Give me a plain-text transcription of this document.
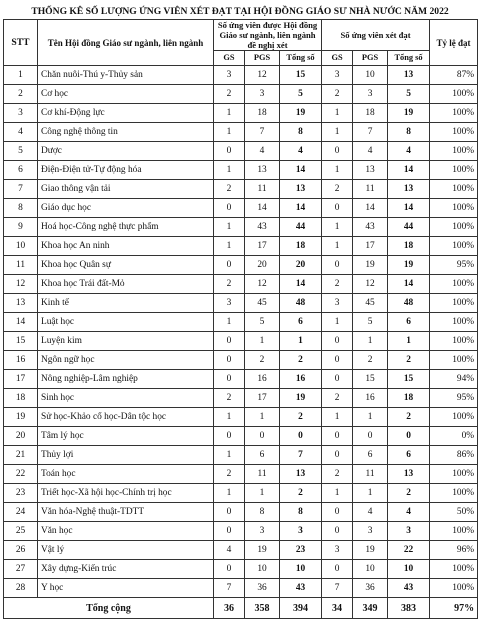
THỐNG KÊ SỐ LƯỢNG ỨNG VIÊN XÉT ĐẠT TẠI HỘI ĐỒNG GIÁO SƯ NHÀ NƯỚC NĂM 2022
STT	Tên Hội đồng Giáo sư ngành, liên ngành	Số ứng viên được Hội đồng Giáo sư ngành, liên ngành đề nghị xét			Số ứng viên xét đạt			Tỷ lệ đạt
		GS	PGS	Tổng số	GS	PGS	Tổng số	
1	Chăn nuôi-Thú y-Thủy sản	3	12	15	3	10	13	87%
2	Cơ học	2	3	5	2	3	5	100%
3	Cơ khí-Động lực	1	18	19	1	18	19	100%
4	Công nghệ thông tin	1	7	8	1	7	8	100%
5	Dược	0	4	4	0	4	4	100%
6	Điện-Điện tử-Tự động hóa	1	13	14	1	13	14	100%
7	Giao thông vận tải	2	11	13	2	11	13	100%
8	Giáo dục học	0	14	14	0	14	14	100%
9	Hoá học-Công nghệ thực phẩm	1	43	44	1	43	44	100%
10	Khoa học An ninh	1	17	18	1	17	18	100%
11	Khoa học Quân sự	0	20	20	0	19	19	95%
12	Khoa học Trái đất-Mỏ	2	12	14	2	12	14	100%
13	Kinh tế	3	45	48	3	45	48	100%
14	Luật học	1	5	6	1	5	6	100%
15	Luyện kim	0	1	1	0	1	1	100%
16	Ngôn ngữ học	0	2	2	0	2	2	100%
17	Nông nghiệp-Lâm nghiệp	0	16	16	0	15	15	94%
18	Sinh học	2	17	19	2	16	18	95%
19	Sử học-Khảo cổ học-Dân tộc học	1	1	2	1	1	2	100%
20	Tâm lý học	0	0	0	0	0	0	0%
21	Thủy lợi	1	6	7	0	6	6	86%
22	Toán học	2	11	13	2	11	13	100%
23	Triết học-Xã hội học-Chính trị học	1	1	2	1	1	2	100%
24	Văn hóa-Nghệ thuật-TDTT	0	8	8	0	4	4	50%
25	Văn học	0	3	3	0	3	3	100%
26	Vật lý	4	19	23	3	19	22	96%
27	Xây dựng-Kiến trúc	0	10	10	0	10	10	100%
28	Y học	7	36	43	7	36	43	100%
Tổng cộng		36	358	394	34	349	383	97%
